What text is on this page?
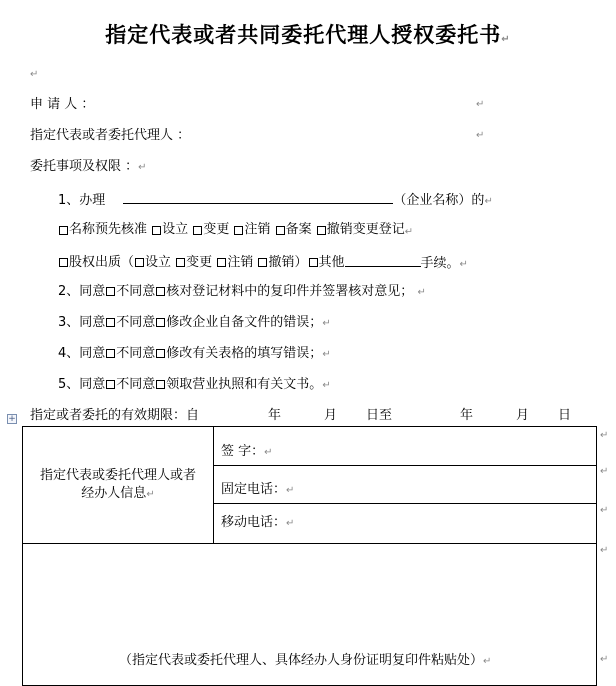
指定代表或者共同委托代理人授权委托书↵
↵
申 请 人 ：	↵
指定代表或者委托代理人 ：	↵
委托事项及权限 ：↵
1、办理	（企业名称）的↵
名称预先核准
设立
变更
注销
备案
撤销变更登记 ↵
股权出质（ 设立
变更
注销
撤销） 其他	手续。↵
2、同意 不同意 核对登记材料中的复印件并签署核对意见； ↵
3、同意 不同意 修改企业自备文件的错误；↵
4、同意 不同意 修改有关表格的填写错误；↵
5、同意 不同意 领取营业执照和有关文书。↵
+ 指定或者委托的有效期限：自	年	月 日至	年	月 日
指定代表或委托代理人或者
经办人信息↵
签 字：↵
固定电话：↵
移动电话：↵
（指定代表或委托代理人、具体经办人身份证明复印件粘贴处）↵
↵
↵
↵
↵
↵
